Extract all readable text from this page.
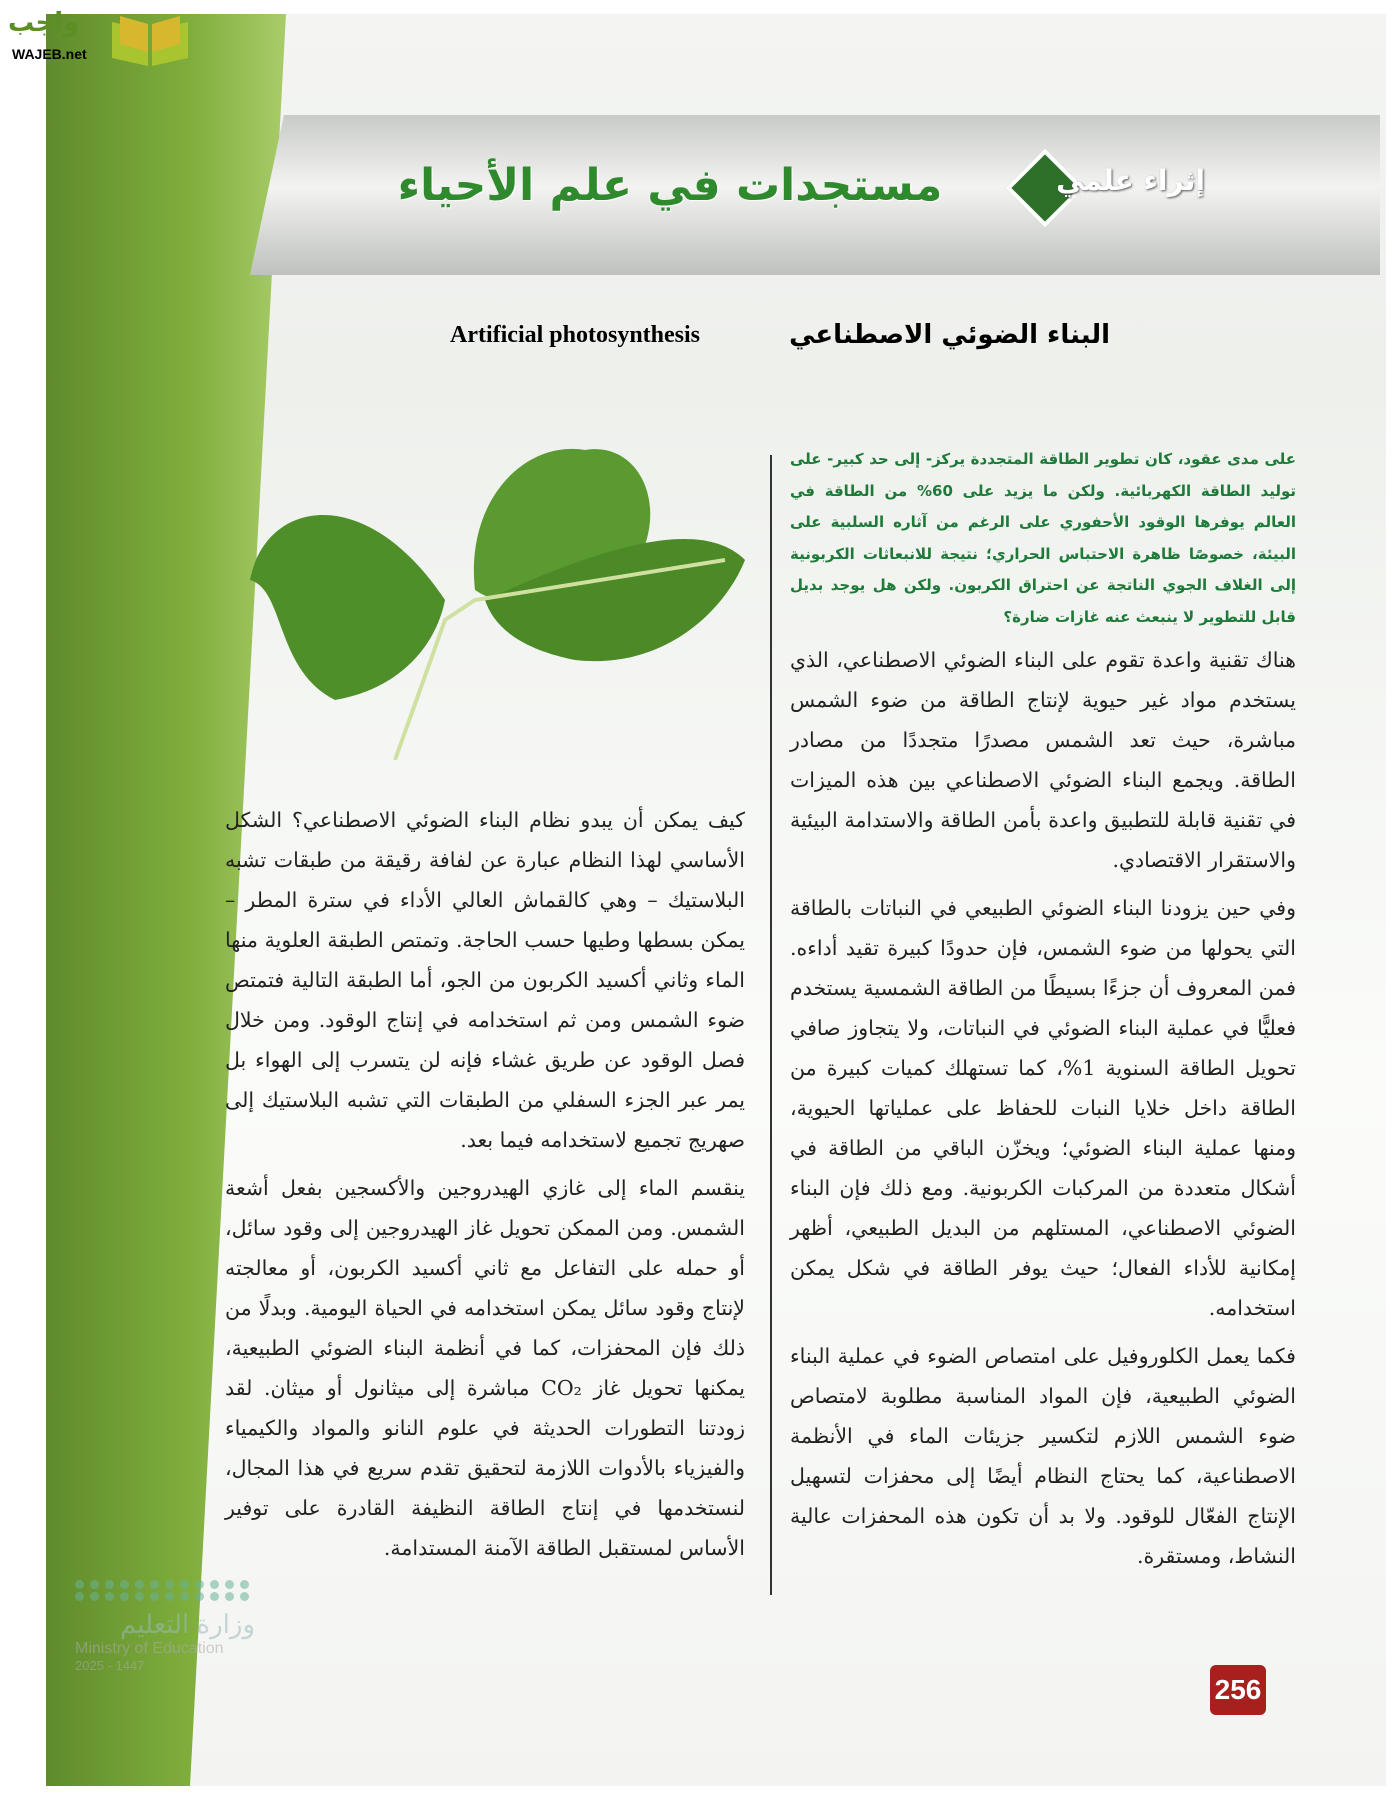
واجب
WAJEB.net
إثراء علمي
مستجدات في علم الأحياء
Artificial photosynthesis	البناء الضوئي الاصطناعي
على مدى عقود، كان تطوير الطاقة المتجددة يركز- إلى حد كبير- على توليد الطاقة الكهربائية. ولكن ما يزيد على 60% من الطاقة في العالم يوفرها الوقود الأحفوري على الرغم من آثاره السلبية على البيئة، خصوصًا ظاهرة الاحتباس الحراري؛ نتيجة للانبعاثات الكربونية إلى الغلاف الجوي الناتجة عن احتراق الكربون. ولكن هل يوجد بديل قابل للتطوير لا ينبعث عنه غازات ضارة؟

هناك تقنية واعدة تقوم على البناء الضوئي الاصطناعي، الذي يستخدم مواد غير حيوية لإنتاج الطاقة من ضوء الشمس مباشرة، حيث تعد الشمس مصدرًا متجددًا من مصادر الطاقة. ويجمع البناء الضوئي الاصطناعي بين هذه الميزات في تقنية قابلة للتطبيق واعدة بأمن الطاقة والاستدامة البيئية والاستقرار الاقتصادي.

وفي حين يزودنا البناء الضوئي الطبيعي في النباتات بالطاقة التي يحولها من ضوء الشمس، فإن حدودًا كبيرة تقيد أداءه. فمن المعروف أن جزءًا بسيطًا من الطاقة الشمسية يستخدم فعليًّا في عملية البناء الضوئي في النباتات، ولا يتجاوز صافي تحويل الطاقة السنوية 1%، كما تستهلك كميات كبيرة من الطاقة داخل خلايا النبات للحفاظ على عملياتها الحيوية، ومنها عملية البناء الضوئي؛ ويخزّن الباقي من الطاقة في أشكال متعددة من المركبات الكربونية. ومع ذلك فإن البناء الضوئي الاصطناعي، المستلهم من البديل الطبيعي، أظهر إمكانية للأداء الفعال؛ حيث يوفر الطاقة في شكل يمكن استخدامه.

فكما يعمل الكلوروفيل على امتصاص الضوء في عملية البناء الضوئي الطبيعية، فإن المواد المناسبة مطلوبة لامتصاص ضوء الشمس اللازم لتكسير جزيئات الماء في الأنظمة الاصطناعية، كما يحتاج النظام أيضًا إلى محفزات لتسهيل الإنتاج الفعّال للوقود. ولا بد أن تكون هذه المحفزات عالية النشاط، ومستقرة.

كيف يمكن أن يبدو نظام البناء الضوئي الاصطناعي؟ الشكل الأساسي لهذا النظام عبارة عن لفافة رقيقة من طبقات تشبه البلاستيك – وهي كالقماش العالي الأداء في سترة المطر – يمكن بسطها وطيها حسب الحاجة. وتمتص الطبقة العلوية منها الماء وثاني أكسيد الكربون من الجو، أما الطبقة التالية فتمتص ضوء الشمس ومن ثم استخدامه في إنتاج الوقود. ومن خلال فصل الوقود عن طريق غشاء فإنه لن يتسرب إلى الهواء بل يمر عبر الجزء السفلي من الطبقات التي تشبه البلاستيك إلى صهريج تجميع لاستخدامه فيما بعد.

ينقسم الماء إلى غازي الهيدروجين والأكسجين بفعل أشعة الشمس. ومن الممكن تحويل غاز الهيدروجين إلى وقود سائل، أو حمله على التفاعل مع ثاني أكسيد الكربون، أو معالجته لإنتاج وقود سائل يمكن استخدامه في الحياة اليومية. وبدلًا من ذلك فإن المحفزات، كما في أنظمة البناء الضوئي الطبيعية، يمكنها تحويل غاز CO₂ مباشرة إلى ميثانول أو ميثان. لقد زودتنا التطورات الحديثة في علوم النانو والمواد والكيمياء والفيزياء بالأدوات اللازمة لتحقيق تقدم سريع في هذا المجال، لنستخدمها في إنتاج الطاقة النظيفة القادرة على توفير الأساس لمستقبل الطاقة الآمنة المستدامة.

وزارة التعليم
Ministry of Education
2025 - 1447
256
